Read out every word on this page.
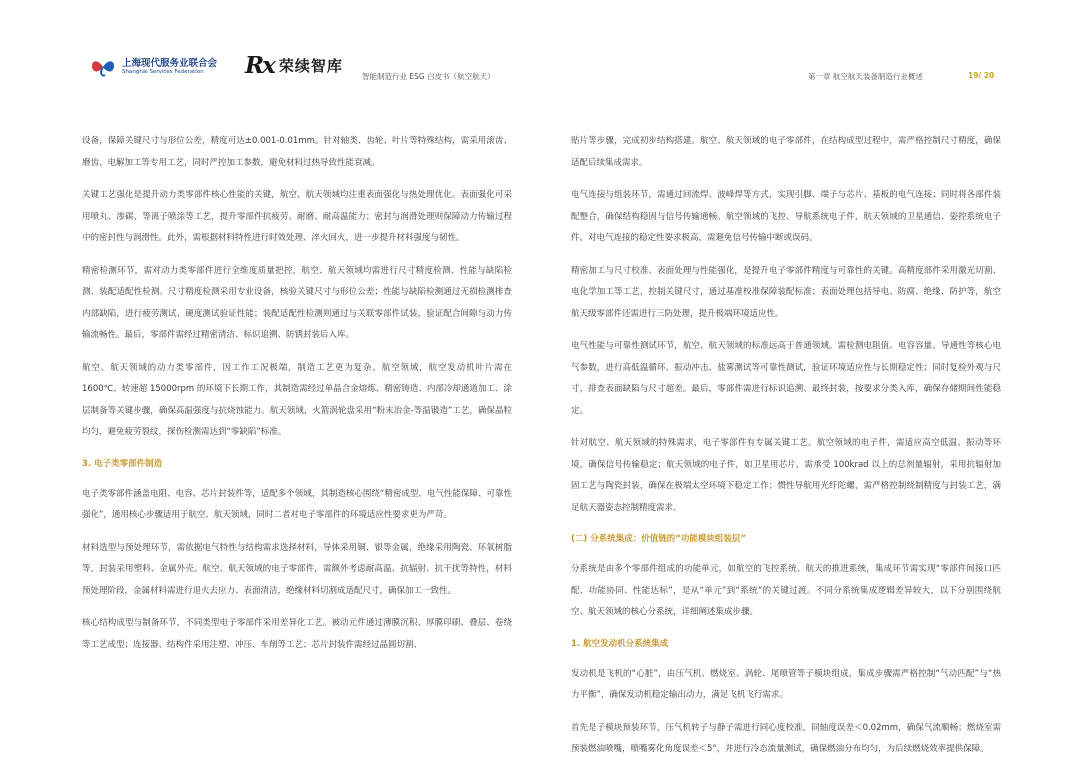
上海现代服务业联合会
Shanghai Services Federation	Rx 荣续智库
智能制造行业 ESG 白皮书（航空航天）	第一章 航空航天装备制造行业概述	19/ 20

设备，保障关键尺寸与形位公差，精度可达±0.001-0.01mm。针对轴类、齿轮、叶片等特殊结构，需采用滚齿、磨齿、电解加工等专用工艺，同时严控加工参数，避免材料过热导致性能衰减。

关键工艺强化是提升动力类零部件核心性能的关键，航空、航天领域均注重表面强化与热处理优化。表面强化可采用喷丸、渗碳、等离子喷涂等工艺，提升零部件抗疲劳、耐磨、耐高温能力；密封与润滑处理则保障动力传输过程中的密封性与润滑性。此外，需根据材料特性进行时效处理、淬火回火，进一步提升材料强度与韧性。

精密检测环节，需对动力类零部件进行全维度质量把控，航空、航天领域均需进行尺寸精度检测、性能与缺陷检测、装配适配性检测。尺寸精度检测采用专业设备，核验关键尺寸与形位公差；性能与缺陷检测通过无损检测排查内部缺陷，进行疲劳测试、硬度测试验证性能；装配适配性检测则通过与关联零部件试装，验证配合间隙与动力传输流畅性。最后，零部件需经过精密清洁、标识追溯、防锈封装后入库。

航空、航天领域的动力类零部件，因工作工况极端，制造工艺更为复杂。航空领域，航空发动机叶片需在 1600℃、转速超 15000rpm 的环境下长期工作，其制造需经过单晶合金熔炼、精密铸造、内部冷却通道加工、涂层制备等关键步骤，确保高温强度与抗烧蚀能力。航天领域，火箭涡轮盘采用“粉末冶金-等温锻造”工艺，确保晶粒均匀，避免疲劳裂纹，探伤检测需达到“零缺陷”标准。

3. 电子类零部件制造

电子类零部件涵盖电阻、电容、芯片封装件等，适配多个领域，其制造核心围绕“精密成型、电气性能保障、可靠性强化”，通用核心步骤适用于航空、航天领域，同时二者对电子零部件的环境适应性要求更为严苛。

材料选型与预处理环节，需依据电气特性与结构需求选择材料，导体采用铜、银等金属，绝缘采用陶瓷、环氧树脂等，封装采用塑料、金属外壳。航空、航天领域的电子零部件，需额外考虑耐高温、抗辐射、抗干扰等特性，材料预处理阶段，金属材料需进行退火去应力、表面清洁，绝缘材料切割成适配尺寸，确保加工一致性。

核心结构成型与制备环节，不同类型电子零部件采用差异化工艺。被动元件通过薄膜沉积、厚膜印刷、叠层、卷绕等工艺成型；连接器、结构件采用注塑、冲压、车削等工艺；芯片封装件需经过晶圆切割、

贴片等步骤，完成初步结构搭建。航空、航天领域的电子零部件，在结构成型过程中，需严格控制尺寸精度，确保适配后续集成需求。

电气连接与组装环节，需通过回流焊、波峰焊等方式，实现引脚、端子与芯片、基板的电气连接；同时将各部件装配整合，确保结构稳固与信号传输通畅。航空领域的飞控、导航系统电子件，航天领域的卫星通信、姿控系统电子件，对电气连接的稳定性要求极高，需避免信号传输中断或误码。

精密加工与尺寸校准、表面处理与性能强化，是提升电子零部件精度与可靠性的关键。高精度部件采用激光切割、电化学加工等工艺，控制关键尺寸，通过基准校准保障装配标准；表面处理包括导电、防腐、绝缘、防护等，航空航天级零部件还需进行三防处理，提升极端环境适应性。

电气性能与可靠性测试环节，航空、航天领域的标准远高于普通领域。需检测电阻值、电容容量、导通性等核心电气参数，进行高低温循环、振动冲击、盐雾测试等可靠性测试，验证环境适应性与长期稳定性；同时复检外观与尺寸，排查表面缺陷与尺寸超差。最后，零部件需进行标识追溯、最终封装，按要求分类入库，确保存储期间性能稳定。

针对航空、航天领域的特殊需求，电子零部件有专属关键工艺。航空领域的电子件，需适应高空低温、振动等环境，确保信号传输稳定；航天领域的电子件，如卫星用芯片，需承受 100krad 以上的总剂量辐射，采用抗辐射加固工艺与陶瓷封装，确保在极端太空环境下稳定工作；惯性导航用光纤陀螺，需严格控制绕制精度与封装工艺，满足航天器姿态控制精度需求。

(二) 分系统集成：价值链的“功能模块组装层”

分系统是由多个零部件组成的功能单元，如航空的飞控系统、航天的推进系统，集成环节需实现“零部件间接口匹配、功能协同、性能达标”，是从“单元”到“系统”的关键过渡。不同分系统集成逻辑差异较大，以下分别围绕航空、航天领域的核心分系统，详细阐述集成步骤。

1. 航空发动机分系统集成

发动机是飞机的“心脏”，由压气机、燃烧室、涡轮、尾喷管等子模块组成，集成步骤需严格控制“气动匹配”与“热力平衡”，确保发动机稳定输出动力，满足飞机飞行需求。

首先是子模块预装环节，压气机转子与静子需进行同心度校准，同轴度误差＜0.02mm，确保气流顺畅；燃烧室需预装燃油喷嘴，喷嘴雾化角度误差＜5°，并进行冷态流量测试，确保燃油分布均匀，为后续燃烧效率提供保障。
